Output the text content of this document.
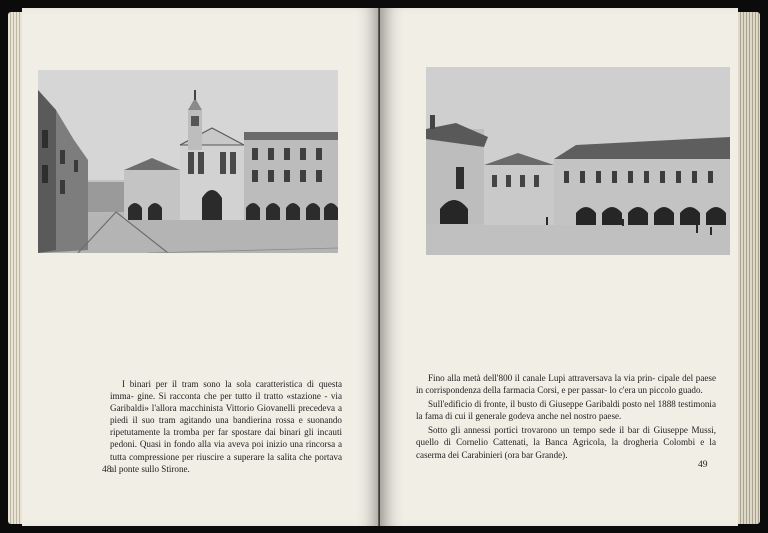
I binari per il tram sono la sola caratteristica di questa imma- gine. Si racconta che per tutto il tratto «stazione - via Garibaldi» l'allora macchinista Vittorio Giovanelli precedeva a piedi il suo tram agitando una bandierina rossa e suonando ripetutamente la tromba per far spostare dai binari gli incauti pedoni. Quasi in fondo alla via aveva poi inizio una rincorsa a tutta compressione per riuscire a superare la salita che portava al ponte sullo Stirone.

48

Fino alla metà dell'800 il canale Lupi attraversava la via prin- cipale del paese in corrispondenza della farmacia Corsi, e per passar- lo c'era un piccolo guado.

Sull'edificio di fronte, il busto di Giuseppe Garibaldi posto nel 1888 testimonia la fama di cui il generale godeva anche nel nostro paese.

Sotto gli annessi portici trovarono un tempo sede il bar di Giuseppe Mussi, quello di Cornelio Cattenati, la Banca Agricola, la drogheria Colombi e la caserma dei Carabinieri (ora bar Grande).

49
